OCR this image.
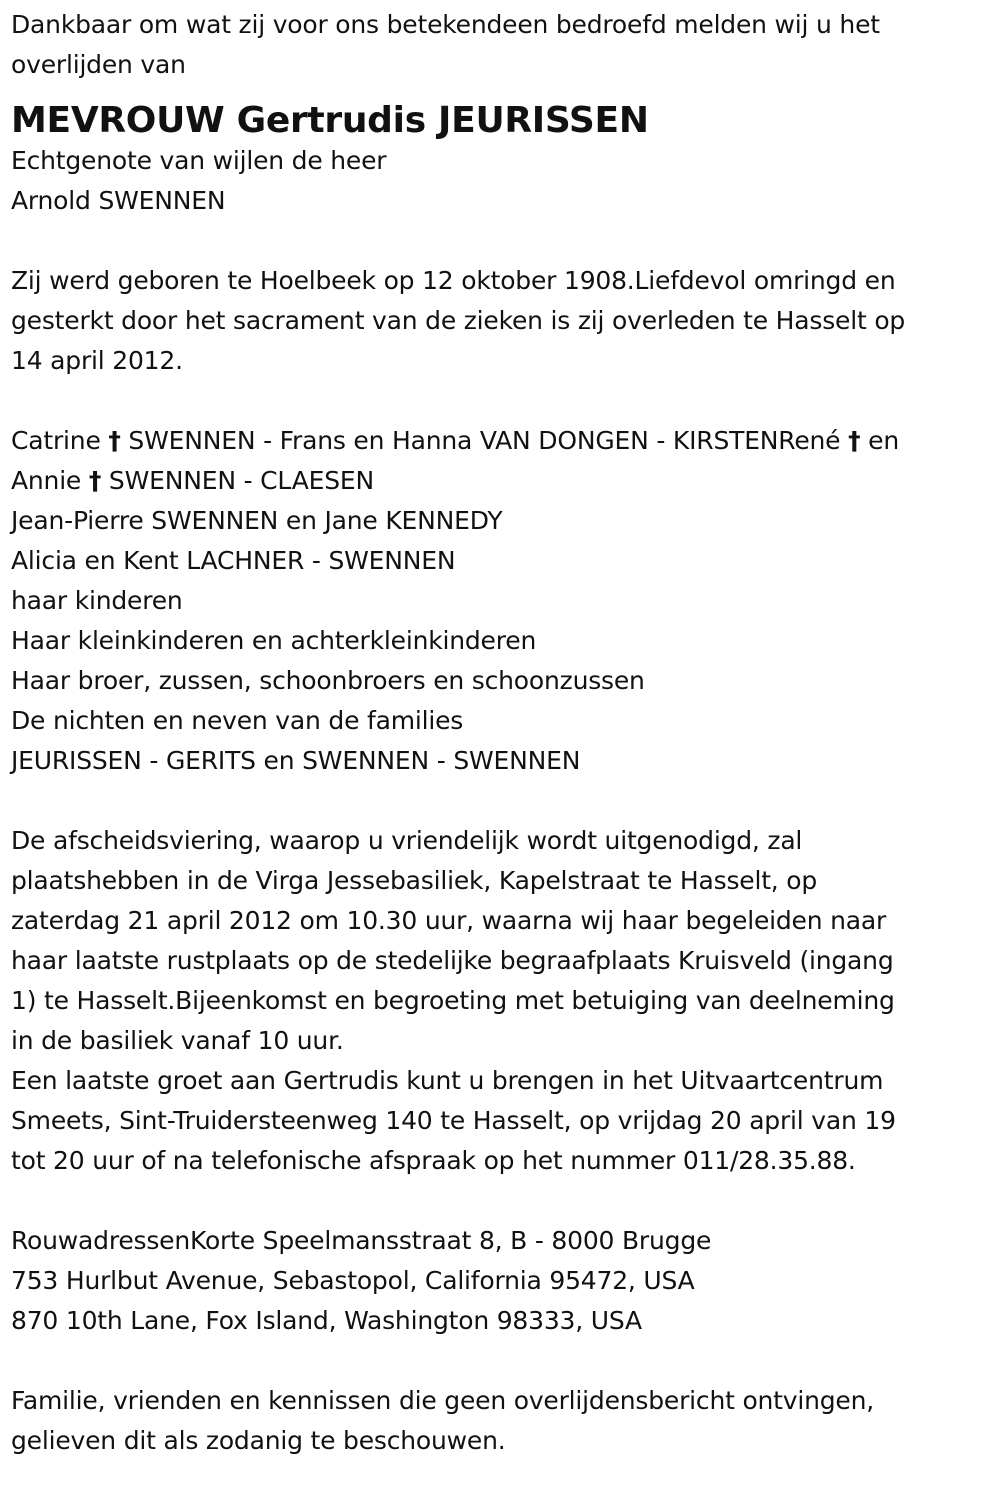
Dankbaar om wat zij voor ons betekendeen bedroefd melden wij u het
overlijden van
MEVROUW Gertrudis JEURISSEN
Echtgenote van wijlen de heer
Arnold SWENNEN
Zij werd geboren te Hoelbeek op 12 oktober 1908.Liefdevol omringd en
gesterkt door het sacrament van de zieken is zij overleden te Hasselt op
14 april 2012.
Catrine † SWENNEN - Frans en Hanna VAN DONGEN - KIRSTENRené † en
Annie † SWENNEN - CLAESEN
Jean-Pierre SWENNEN en Jane KENNEDY
Alicia en Kent LACHNER - SWENNEN
haar kinderen
Haar kleinkinderen en achterkleinkinderen
Haar broer, zussen, schoonbroers en schoonzussen
De nichten en neven van de families
JEURISSEN - GERITS en SWENNEN - SWENNEN
De afscheidsviering, waarop u vriendelijk wordt uitgenodigd, zal
plaatshebben in de Virga Jessebasiliek, Kapelstraat te Hasselt, op
zaterdag 21 april 2012 om 10.30 uur, waarna wij haar begeleiden naar
haar laatste rustplaats op de stedelijke begraafplaats Kruisveld (ingang
1) te Hasselt.Bijeenkomst en begroeting met betuiging van deelneming
in de basiliek vanaf 10 uur.
Een laatste groet aan Gertrudis kunt u brengen in het Uitvaartcentrum
Smeets, Sint-Truidersteenweg 140 te Hasselt, op vrijdag 20 april van 19
tot 20 uur of na telefonische afspraak op het nummer 011/28.35.88.
RouwadressenKorte Speelmansstraat 8, B - 8000 Brugge
753 Hurlbut Avenue, Sebastopol, California 95472, USA
870 10th Lane, Fox Island, Washington 98333, USA
Familie, vrienden en kennissen die geen overlijdensbericht ontvingen,
gelieven dit als zodanig te beschouwen.
